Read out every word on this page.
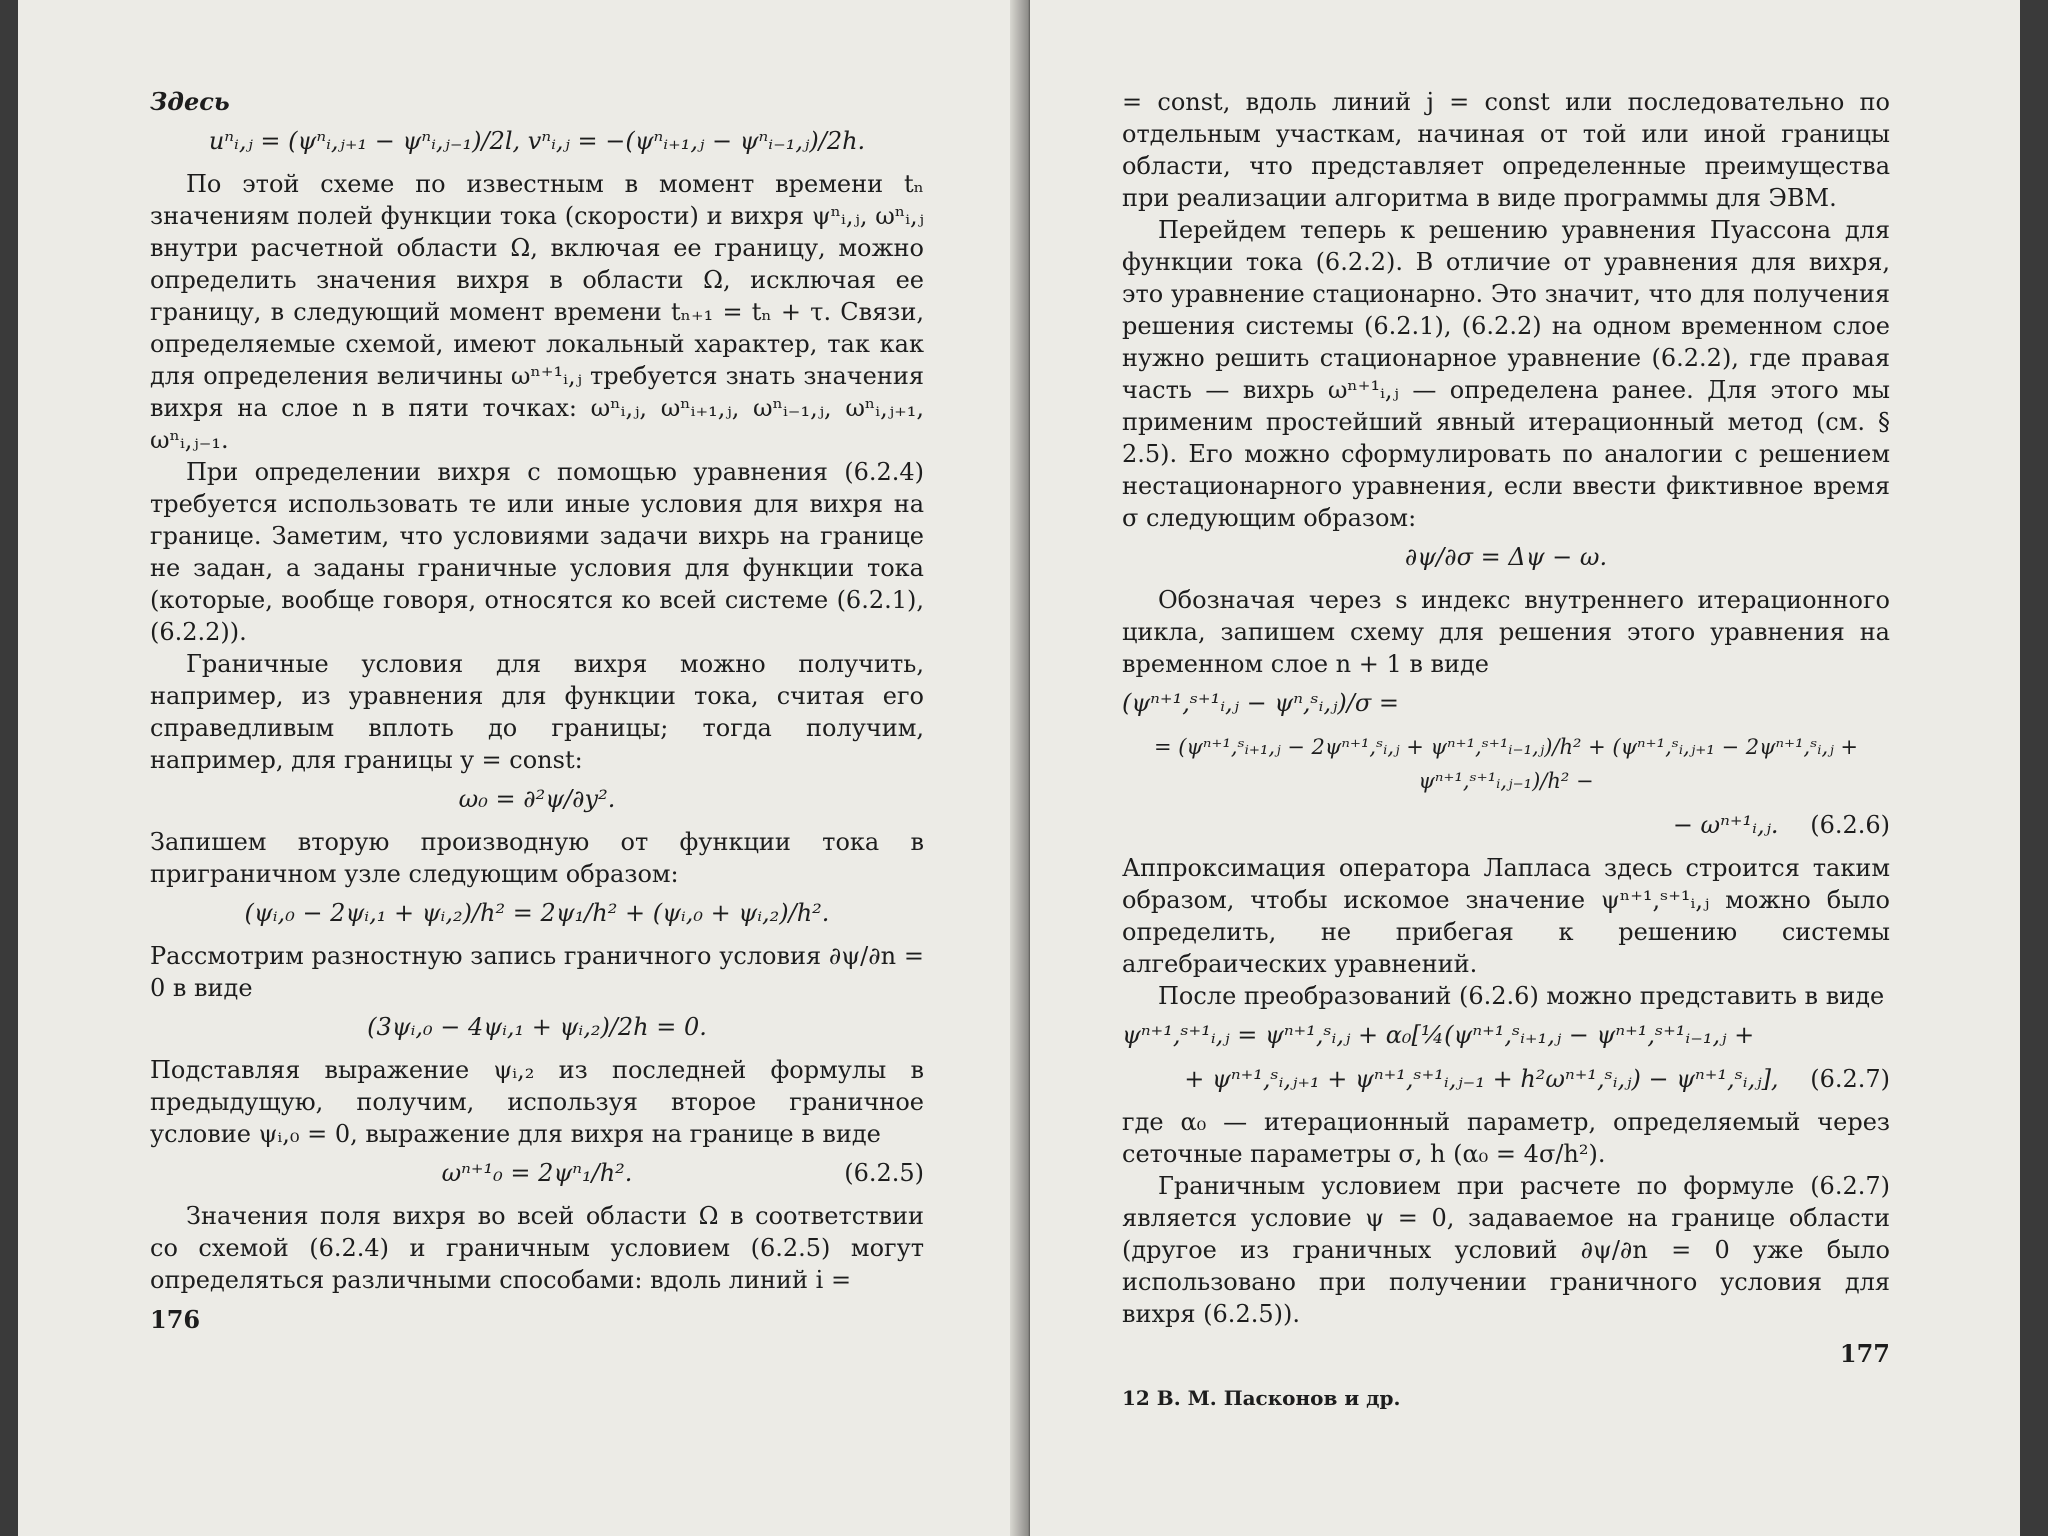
Здесь

uⁿᵢ,ⱼ = (ψⁿᵢ,ⱼ₊₁ − ψⁿᵢ,ⱼ₋₁)/2l, vⁿᵢ,ⱼ = −(ψⁿᵢ₊₁,ⱼ − ψⁿᵢ₋₁,ⱼ)/2h.

По этой схеме по известным в момент времени tₙ значениям полей функции тока (скорости) и вихря ψⁿᵢ,ⱼ, ωⁿᵢ,ⱼ внутри расчетной области Ω, включая ее границу, можно определить значения вихря в области Ω, исключая ее границу, в следующий момент времени tₙ₊₁ = tₙ + τ. Связи, определяемые схемой, имеют локальный характер, так как для определения величины ωⁿ⁺¹ᵢ,ⱼ требуется знать значения вихря на слое n в пяти точках: ωⁿᵢ,ⱼ, ωⁿᵢ₊₁,ⱼ, ωⁿᵢ₋₁,ⱼ, ωⁿᵢ,ⱼ₊₁, ωⁿᵢ,ⱼ₋₁.

При определении вихря с помощью уравнения (6.2.4) требуется использовать те или иные условия для вихря на границе. Заметим, что условиями задачи вихрь на границе не задан, а заданы граничные условия для функции тока (которые, вообще говоря, относятся ко всей системе (6.2.1), (6.2.2)).

Граничные условия для вихря можно получить, например, из уравнения для функции тока, считая его справедливым вплоть до границы; тогда получим, например, для границы y = const:

ω₀ = ∂²ψ/∂y².

Запишем вторую производную от функции тока в приграничном узле следующим образом:

(ψᵢ,₀ − 2ψᵢ,₁ + ψᵢ,₂)/h² = 2ψ₁/h² + (ψᵢ,₀ + ψᵢ,₂)/h².

Рассмотрим разностную запись граничного условия ∂ψ/∂n = 0 в виде

(3ψᵢ,₀ − 4ψᵢ,₁ + ψᵢ,₂)/2h = 0.

Подставляя выражение ψᵢ,₂ из последней формулы в предыдущую, получим, используя второе граничное условие ψᵢ,₀ = 0, выражение для вихря на границе в виде

ωⁿ⁺¹₀ = 2ψⁿ₁/h².	(6.2.5)

Значения поля вихря во всей области Ω в соответствии со схемой (6.2.4) и граничным условием (6.2.5) могут определяться различными способами: вдоль линий i =

176

= const, вдоль линий j = const или последовательно по отдельным участкам, начиная от той или иной границы области, что представляет определенные преимущества при реализации алгоритма в виде программы для ЭВМ.

Перейдем теперь к решению уравнения Пуассона для функции тока (6.2.2). В отличие от уравнения для вихря, это уравнение стационарно. Это значит, что для получения решения системы (6.2.1), (6.2.2) на одном временном слое нужно решить стационарное уравнение (6.2.2), где правая часть — вихрь ωⁿ⁺¹ᵢ,ⱼ — определена ранее. Для этого мы применим простейший явный итерационный метод (см. § 2.5). Его можно сформулировать по аналогии с решением нестационарного уравнения, если ввести фиктивное время σ следующим образом:

∂ψ/∂σ = Δψ − ω.

Обозначая через s индекс внутреннего итерационного цикла, запишем схему для решения этого уравнения на временном слое n + 1 в виде

(ψⁿ⁺¹,ˢ⁺¹ᵢ,ⱼ − ψⁿ,ˢᵢ,ⱼ)/σ =
= (ψⁿ⁺¹,ˢᵢ₊₁,ⱼ − 2ψⁿ⁺¹,ˢᵢ,ⱼ + ψⁿ⁺¹,ˢ⁺¹ᵢ₋₁,ⱼ)/h² + (ψⁿ⁺¹,ˢᵢ,ⱼ₊₁ − 2ψⁿ⁺¹,ˢᵢ,ⱼ + ψⁿ⁺¹,ˢ⁺¹ᵢ,ⱼ₋₁)/h² −
− ωⁿ⁺¹ᵢ,ⱼ. (6.2.6)

Аппроксимация оператора Лапласа здесь строится таким образом, чтобы искомое значение ψⁿ⁺¹,ˢ⁺¹ᵢ,ⱼ можно было определить, не прибегая к решению системы алгебраических уравнений.

После преобразований (6.2.6) можно представить в виде

ψⁿ⁺¹,ˢ⁺¹ᵢ,ⱼ = ψⁿ⁺¹,ˢᵢ,ⱼ + α₀[¼(ψⁿ⁺¹,ˢᵢ₊₁,ⱼ − ψⁿ⁺¹,ˢ⁺¹ᵢ₋₁,ⱼ +
+ ψⁿ⁺¹,ˢᵢ,ⱼ₊₁ + ψⁿ⁺¹,ˢ⁺¹ᵢ,ⱼ₋₁ + h²ωⁿ⁺¹,ˢᵢ,ⱼ) − ψⁿ⁺¹,ˢᵢ,ⱼ], (6.2.7)

где α₀ — итерационный параметр, определяемый через сеточные параметры σ, h (α₀ = 4σ/h²).

Граничным условием при расчете по формуле (6.2.7) является условие ψ = 0, задаваемое на границе области (другое из граничных условий ∂ψ/∂n = 0 уже было использовано при получении граничного условия для вихря (6.2.5)).

177
12 В. М. Пасконов и др.
